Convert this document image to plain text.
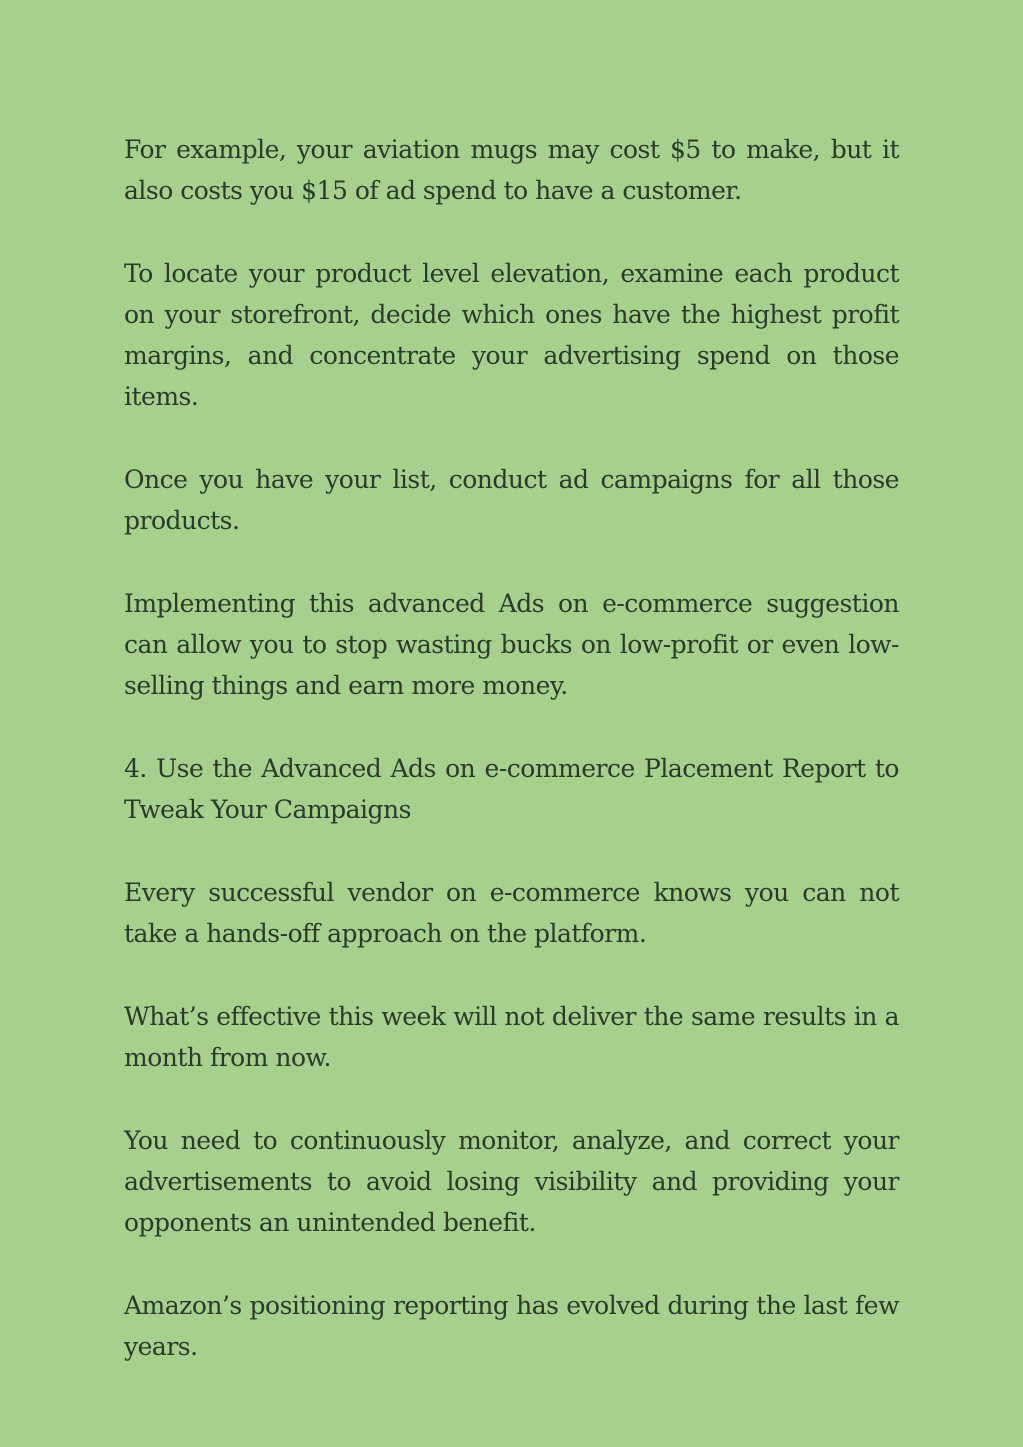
For example, your aviation mugs may cost $5 to make, but it also costs you $15 of ad spend to have a customer.

To locate your product level elevation, examine each product on your storefront, decide which ones have the highest profit margins, and concentrate your advertising spend on those items.

Once you have your list, conduct ad campaigns for all those products.

Implementing this advanced Ads on e-commerce suggestion can allow you to stop wasting bucks on low-profit or even low-selling things and earn more money.

4. Use the Advanced Ads on e-commerce Placement Report to Tweak Your Campaigns

Every successful vendor on e-commerce knows you can not take a hands-off approach on the platform.

What’s effective this week will not deliver the same results in a month from now.

You need to continuously monitor, analyze, and correct your advertisements to avoid losing visibility and providing your opponents an unintended benefit.

Amazon’s positioning reporting has evolved during the last few years.
